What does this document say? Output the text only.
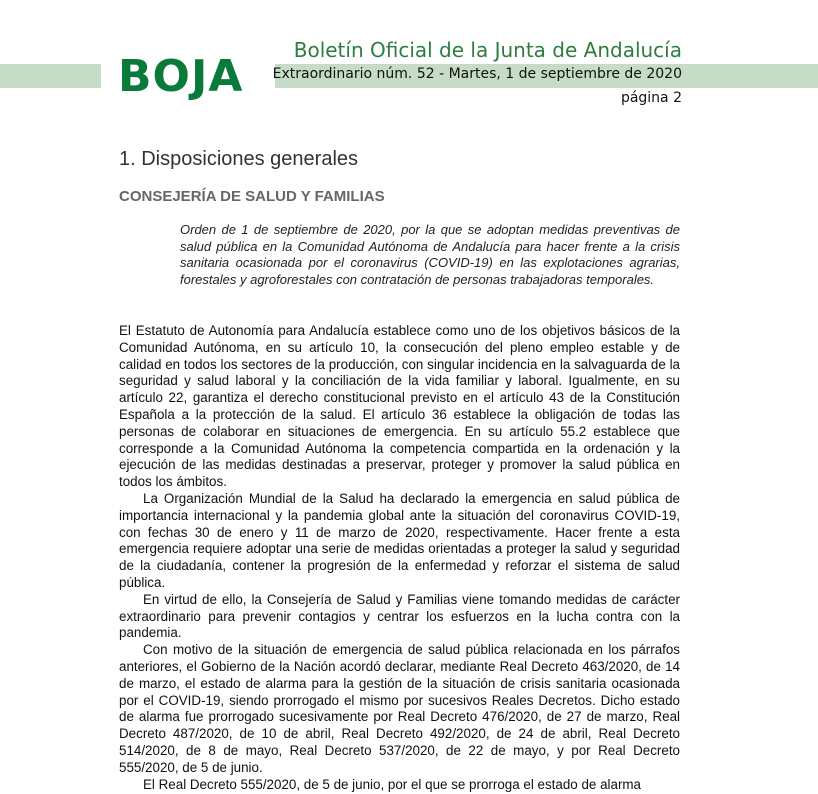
BOJA
Boletín Oficial de la Junta de Andalucía
Extraordinario núm. 52 - Martes, 1 de septiembre de 2020
página 2
1. Disposiciones generales
CONSEJERÍA DE SALUD Y FAMILIAS
Orden de 1 de septiembre de 2020, por la que se adoptan medidas preventivas de salud pública en la Comunidad Autónoma de Andalucía para hacer frente a la crisis sanitaria ocasionada por el coronavirus (COVID-19) en las explotaciones agrarias, forestales y agroforestales con contratación de personas trabajadoras temporales.

El Estatuto de Autonomía para Andalucía establece como uno de los objetivos básicos de la Comunidad Autónoma, en su artículo 10, la consecución del pleno empleo estable y de calidad en todos los sectores de la producción, con singular incidencia en la salvaguarda de la seguridad y salud laboral y la conciliación de la vida familiar y laboral. Igualmente, en su artículo 22, garantiza el derecho constitucional previsto en el artículo 43 de la Constitución Española a la protección de la salud. El artículo 36 establece la obligación de todas las personas de colaborar en situaciones de emergencia. En su artículo 55.2 establece que corresponde a la Comunidad Autónoma la competencia compartida en la ordenación y la ejecución de las medidas destinadas a preservar, proteger y promover la salud pública en todos los ámbitos.

La Organización Mundial de la Salud ha declarado la emergencia en salud pública de importancia internacional y la pandemia global ante la situación del coronavirus COVID-19, con fechas 30 de enero y 11 de marzo de 2020, respectivamente. Hacer frente a esta emergencia requiere adoptar una serie de medidas orientadas a proteger la salud y seguridad de la ciudadanía, contener la progresión de la enfermedad y reforzar el sistema de salud pública.

En virtud de ello, la Consejería de Salud y Familias viene tomando medidas de carácter extraordinario para prevenir contagios y centrar los esfuerzos en la lucha contra con la pandemia.

Con motivo de la situación de emergencia de salud pública relacionada en los párrafos anteriores, el Gobierno de la Nación acordó declarar, mediante Real Decreto 463/2020, de 14 de marzo, el estado de alarma para la gestión de la situación de crisis sanitaria ocasionada por el COVID-19, siendo prorrogado el mismo por sucesivos Reales Decretos. Dicho estado de alarma fue prorrogado sucesivamente por Real Decreto 476/2020, de 27 de marzo, Real Decreto 487/2020, de 10 de abril, Real Decreto 492/2020, de 24 de abril, Real Decreto 514/2020, de 8 de mayo, Real Decreto 537/2020, de 22 de mayo, y por Real Decreto 555/2020, de 5 de junio.

El Real Decreto 555/2020, de 5 de junio, por el que se prorroga el estado de alarma
